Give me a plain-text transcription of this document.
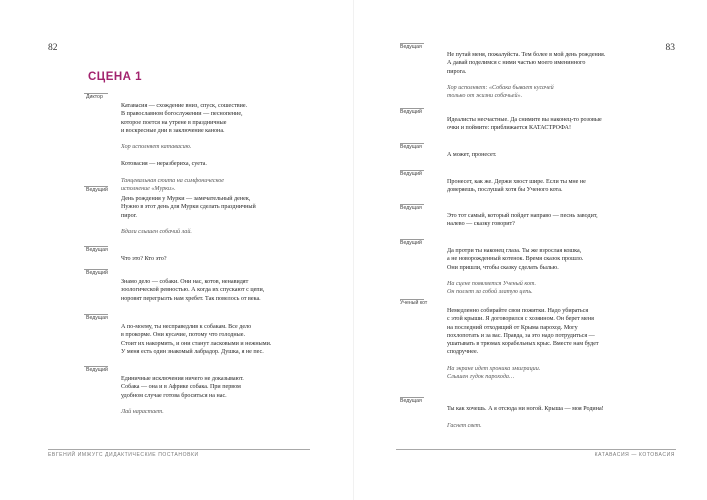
82
СЦЕНА 1
Диктор

Катавасия — схождение вниз, спуск, сошествие.

В православном богослужении — песнопение,

которое поется на утрене в праздничные

и воскресные дни в заключение канона.

Хор исполняет катавасию.

Котовасия — неразбериха, суета.

Танцевальная сюита на симфоническое

исполнение «Мурки».

Ведущий

День рождения у Мурки — замечательный денек,

Нужно в этот день для Мурки сделать праздничный

пирог.

Вдали слышен собачий лай.

Ведущая

Что это? Кто это?

Ведущий

Знамо дело — собаки. Они нас, котов, ненавидят

зоологической ревностью. А когда их спускают с цепи,

норовят перегрызть нам хребет. Так повелось от века.

Ведущая

А по-моему, ты несправедлив к собакам. Все дело

в прокорме. Они кусачие, потому что голодные.

Стоит их накормить, и они станут ласковыми и нежными.

У меня есть один знакомый лабрадор. Душка, я не пес.

Ведущий

Единичные исключения ничего не доказывают.

Собака — она и в Африке собака. При первом

удобном случае готова броситься на нас.

Лай нарастает.

ЕВГЕНИЙ ИМЖУГС ДИДАКТИЧЕСКИЕ ПОСТАНОВКИ
83
Ведущая

Не путай меня, пожалуйста. Тем более в мой день рождения.

А давай поделимся с ними частью моего именинного

пирога.

Хор исполняет: «Собака бывает кусачей

только от жизни собачьей».

Ведущий

Идеалисты несчастные. Да снимите вы наконец-то розовые

очки и поймите: приближается КАТАСТРОФА!

Ведущая

А может, пронесет.

Ведущий

Пронесет, как же. Держи хвост шире. Если ты мне не

доверяешь, послушай хотя бы Ученого кота.

Ведущая

Это тот самый, который пойдет направо — песнь заводит,

налево — сказку говорит?

Ведущий

Да протри ты наконец глаза. Ты же взрослая кошка,

а не новорожденный котенок. Время сказок прошло.

Они пришли, чтобы сказку сделать былью.

На сцене появляется Ученый кот.

Он ползет за собой златую цепь.

Ученый кот

Немедленно собирайте свои пожитки. Надо убираться

с этой крыши. Я договорился с хозяином. Он берет меня

на последний отходящий от Крыма пароход. Могу

похлопотать и за вас. Правда, за это надо потрудиться —

ушатывать в трюмах корабельных крыс. Вместе нам будет

сподручнее.

На экране идет хроника эмиграции.

Слышен гудок парохода…

Ведущая

Ты как хочешь. А я отсюда ни ногой. Крыша — моя Родина!

Гаснет свет.

КАТАВАСИЯ — КОТОВАСИЯ
